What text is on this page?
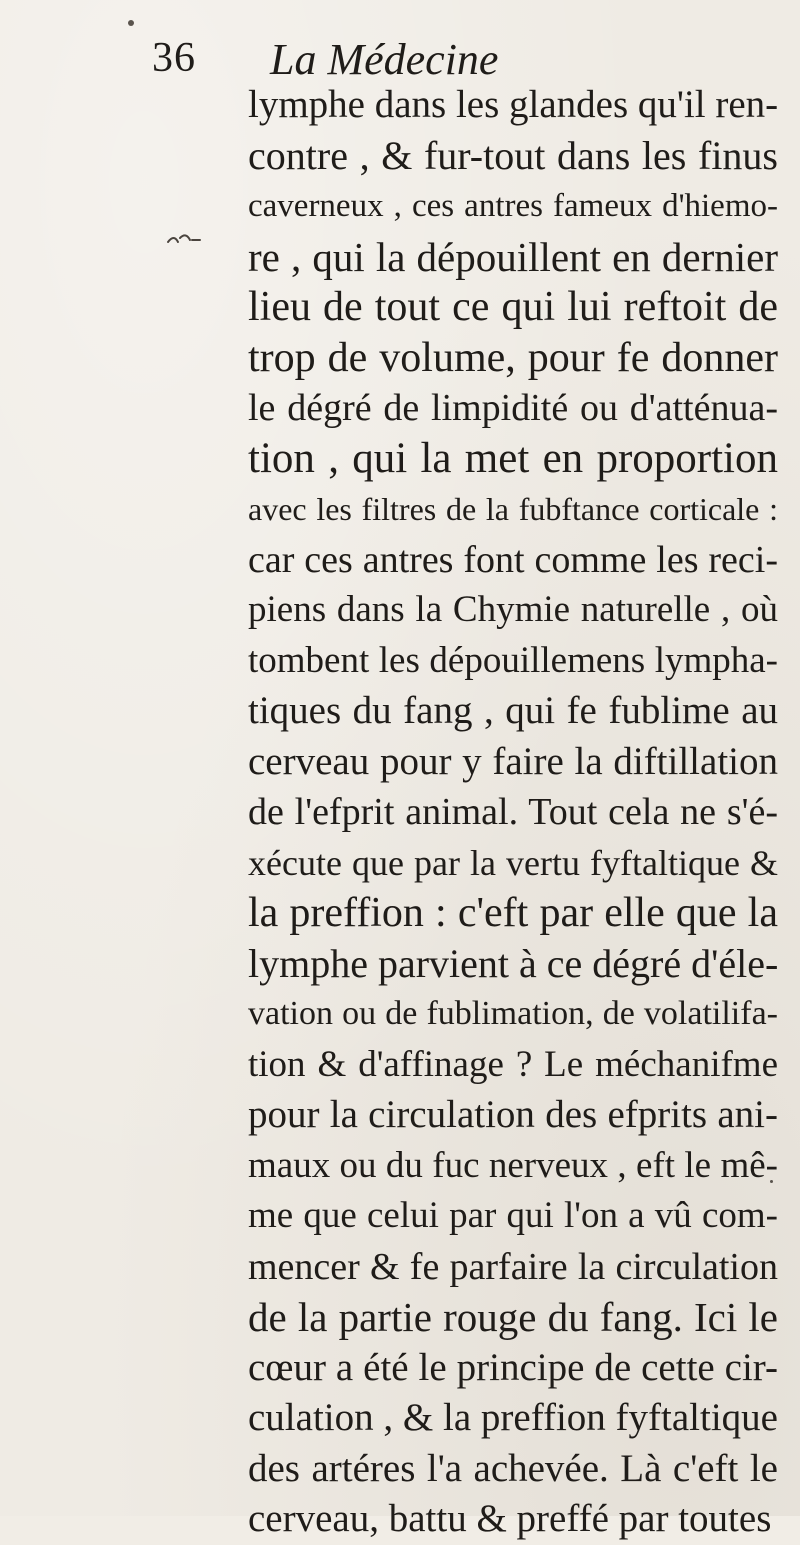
36 La Médecine
lymphe dans les glandes qu'il ren-
contre , & fur-tout dans les finus
caverneux , ces antres fameux d'hiemo-
re , qui la dépouillent en dernier
lieu de tout ce qui lui reftoit de
trop de volume, pour fe donner
le dégré de limpidité ou d'atténua-
tion , qui la met en proportion
avec les filtres de la fubftance corticale :
car ces antres font comme les reci-
piens dans la Chymie naturelle , où
tombent les dépouillemens lympha-
tiques du fang , qui fe fublime au
cerveau pour y faire la diftillation
de l'efprit animal. Tout cela ne s'é-
xécute que par la vertu fyftaltique &
la preffion : c'eft par elle que la
lymphe parvient à ce dégré d'éle-
vation ou de fublimation, de volatilifa-
tion & d'affinage ? Le méchanifme
pour la circulation des efprits ani-
maux ou du fuc nerveux , eft le mê-
me que celui par qui l'on a vû com-
mencer & fe parfaire la circulation
de la partie rouge du fang. Ici le
cœur a été le principe de cette cir-
culation , & la preffion fyftaltique
des artéres l'a achevée. Là c'eft le
cerveau, battu & preffé par toutes
